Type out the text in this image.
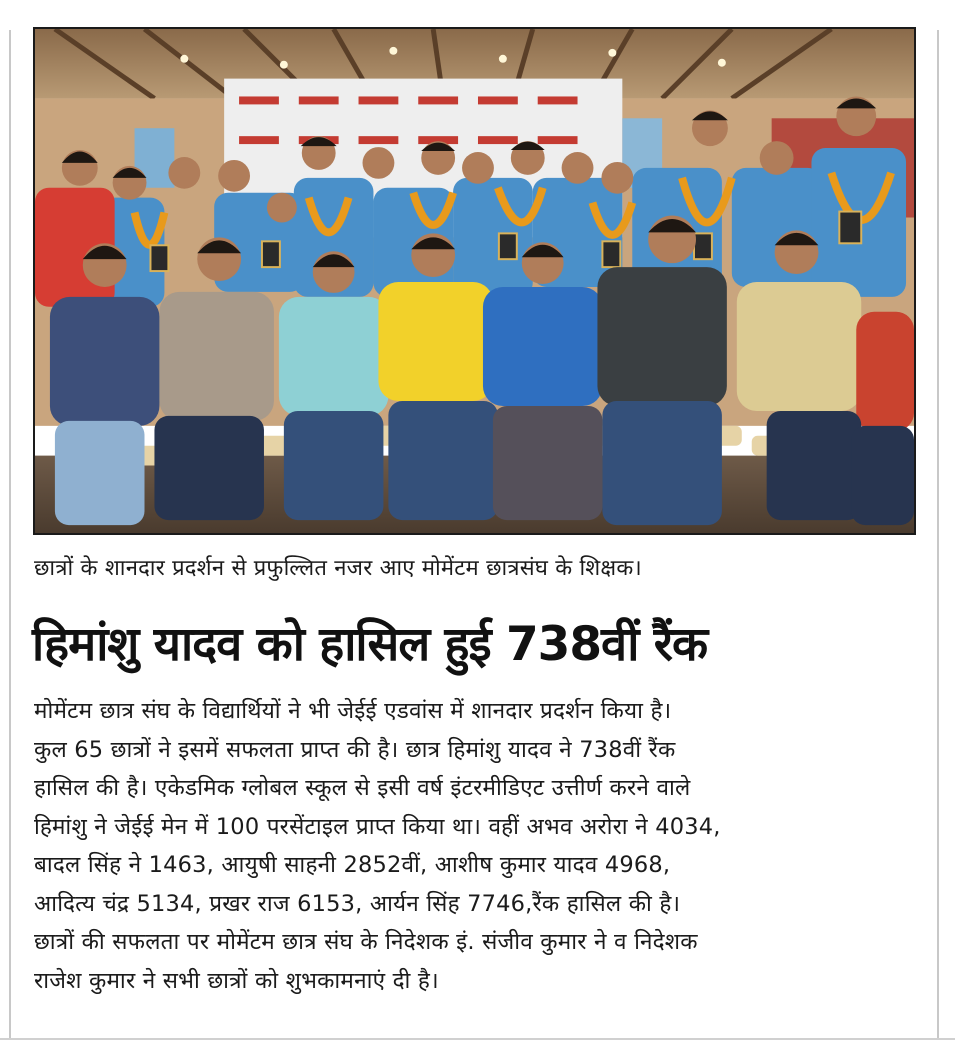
छात्रों के शानदार प्रदर्शन से प्रफुल्लित नजर आए मोमेंटम छात्रसंघ के शिक्षक।
हिमांशु यादव को हासिल हुई 738वीं रैंक

मोमेंटम छात्र संघ के विद्यार्थियों ने भी जेईई एडवांस में शानदार प्रदर्शन किया है।

कुल 65 छात्रों ने इसमें सफलता प्राप्त की है। छात्र हिमांशु यादव ने 738वीं रैंक

हासिल की है। एकेडमिक ग्लोबल स्कूल से इसी वर्ष इंटरमीडिएट उत्तीर्ण करने वाले

हिमांशु ने जेईई मेन में 100 परसेंटाइल प्राप्त किया था। वहीं अभव अरोरा ने 4034,

बादल सिंह ने 1463, आयुषी साहनी 2852वीं, आशीष कुमार यादव 4968,

आदित्य चंद्र 5134, प्रखर राज 6153, आर्यन सिंह 7746,रैंक हासिल की है।

छात्रों की सफलता पर मोमेंटम छात्र संघ के निदेशक इं. संजीव कुमार ने व निदेशक

राजेश कुमार ने सभी छात्रों को शुभकामनाएं दी है।
